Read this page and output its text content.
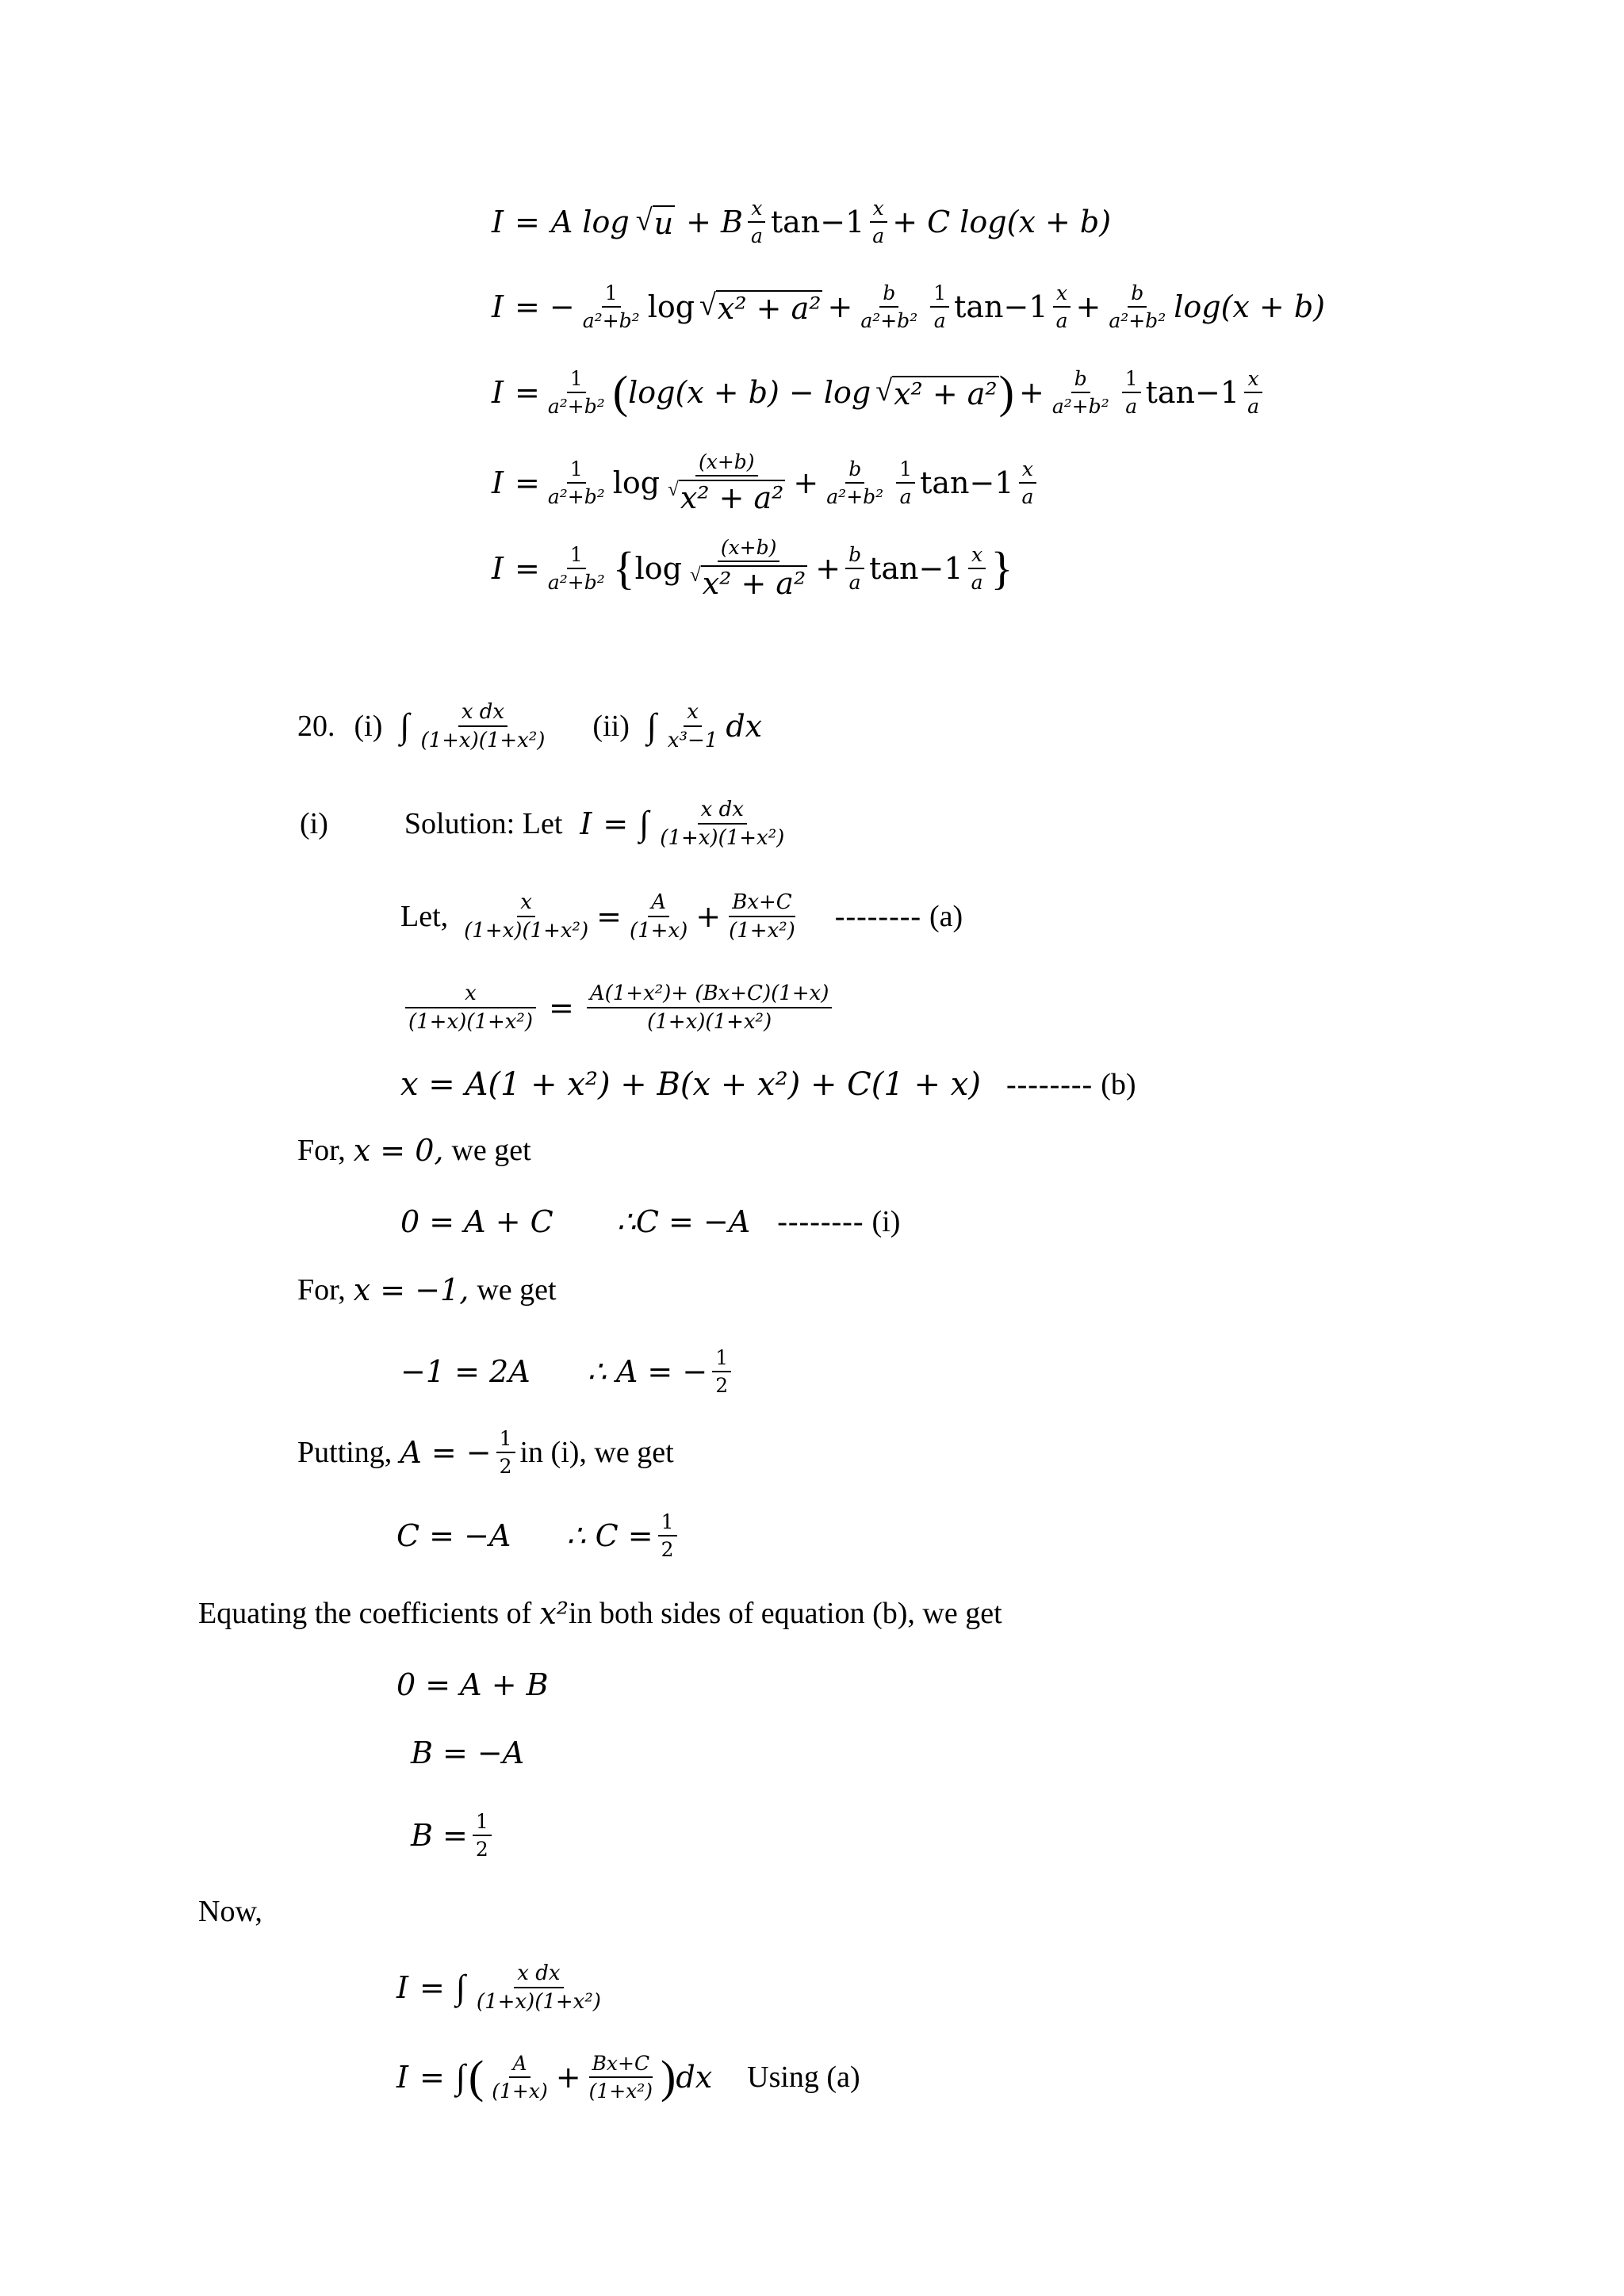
I = A log √ u + B $\frac{x}{a}$ $\tan -1 \frac{x}{a} + C$ log(x + b)
I = − $\frac{1}{\text{a²+b²}}$ log √ $x^2 + a^2 + \frac{b}{\text{a²+b²}} \frac{1}{a}$ $\tan -1 \frac{x}{a} + \frac{b}{\text{a²+b²}} \log(x + b)$
$I = \frac{1}{\text{a²+b²}}$ ( log(x + b) − log √ x² + a² ) + $\frac{b}{\text{a²+b²}} \frac{1}{a}$ $\tan -1 \frac{x}{a}$
$I = \frac{1}{\text{a²+b²}}$ $\log \frac{(x+b)}{\text{√ x² + a²}} + \frac{b}{\text{a²+b²}} \frac{1}{a}$ $\tan -1 \frac{x}{a}$
$I = \frac{1}{\text{a²+b²}}$ { $\log \frac{(x+b)}{\text{√ x² + a²}} + \frac{b}{a}$ $\tan -1 \frac{x}{a}$ }
20. (i) ∫ $\frac{\text{x dx}}{\text{(1+x)(1+x²)}} (ii)$ ∫ $\frac{x}{\text{x³−1}}$ dx
(i)	Solution: Let I = ∫ $\frac{\text{x dx}}{\text{(1+x)(1+x²)}}$
Let, $\frac{x}{\text{(1+x)(1+x²)}} = \frac{A}{(1+x)} + \frac{Bx+C}{\text{(1+x²)}}$ -------- (a)
$\frac{x}{\text{(1+x)(1+x²)}} = \frac{\text{A(1+x²)+ (Bx+C)(1+x)}}{\text{(1+x)(1+x²)}}$
x = A(1 + x²) + B(x + x²) + C(1 + x) -------- (b)
For, x = 0, we get
0 = A + C ∴C = −A -------- (i)
For, x = −1, we get
−1 = 2A ∴ A = − $\frac{1}{2}$
Putting, A = − $\frac{1}{2}$ in (i), we get
C = −A ∴ $C = \frac{1}{2}$
Equating the coefficients of x² in both sides of equation (b), we get
0 = A + B
B = −A
$B = \frac{1}{2}$
Now,
I = ∫ $\frac{\text{x dx}}{\text{(1+x)(1+x²)}}$
I = ∫ ( $\frac{A}{(1+x)} + \frac{Bx+C}{\text{(1+x²)}}$ ) dx Using (a)
